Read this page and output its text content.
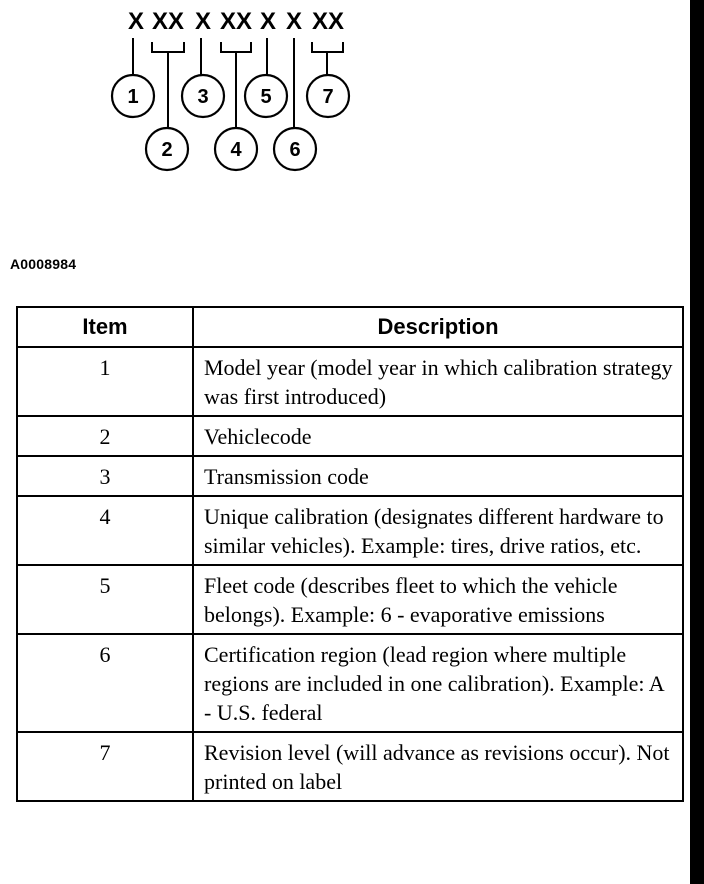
X XX X XX X X XX
1	3	5	7
2	4 6
A0008984
Item	Description
1	Model year (model year in which calibration strategy was first introduced)
2	Vehiclecode
3	Transmission code
4	Unique calibration (designates different hardware to similar vehicles). Example: tires, drive ratios, etc.
5	Fleet code (describes fleet to which the vehicle belongs). Example: 6 - evaporative emissions
6	Certification region (lead region where multiple regions are included in one calibration). Example: A - U.S. federal
7	Revision level (will advance as revisions occur). Not printed on label
